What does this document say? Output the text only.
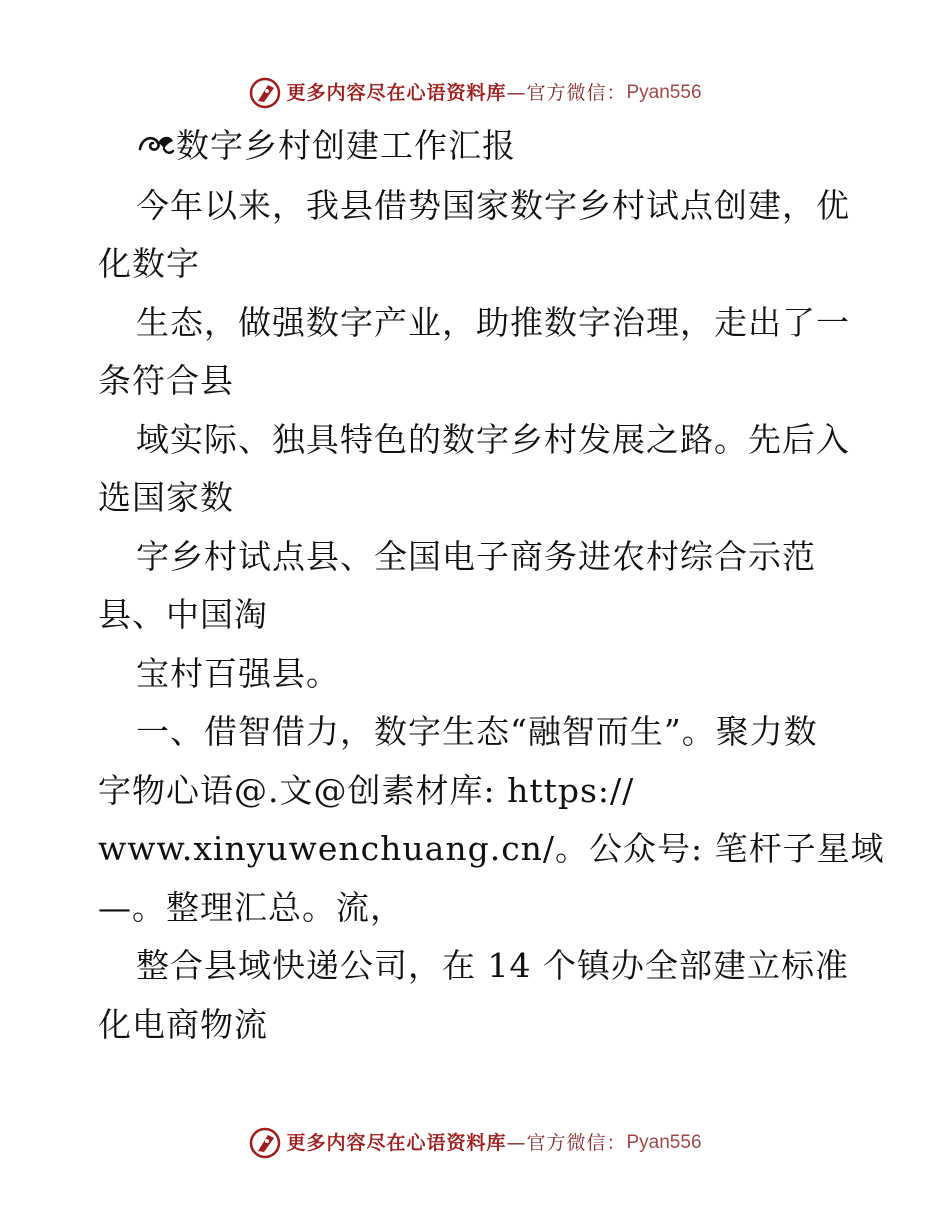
更多内容尽在心语资料库 — 官方微信： Pyan556
数字乡村创建工作汇报
今年以来，我县借势国家数字乡村试点创建，优
化数字
生态，做强数字产业，助推数字治理，走出了一
条符合县
域实际、独具特色的数字乡村发展之路。先后入
选国家数
字乡村试点县、全国电子商务进农村综合示范
县、中国淘
宝村百强县。
一、借智借力，数字生态“融智而生”。聚力数
字物心语@.文@创素材库: https://
www.xinyuwenchuang.cn/。公众号: 笔杆子星域
—。整理汇总。流，
整合县域快递公司，在 14 个镇办全部建立标准
化电商物流
更多内容尽在心语资料库 — 官方微信： Pyan556
